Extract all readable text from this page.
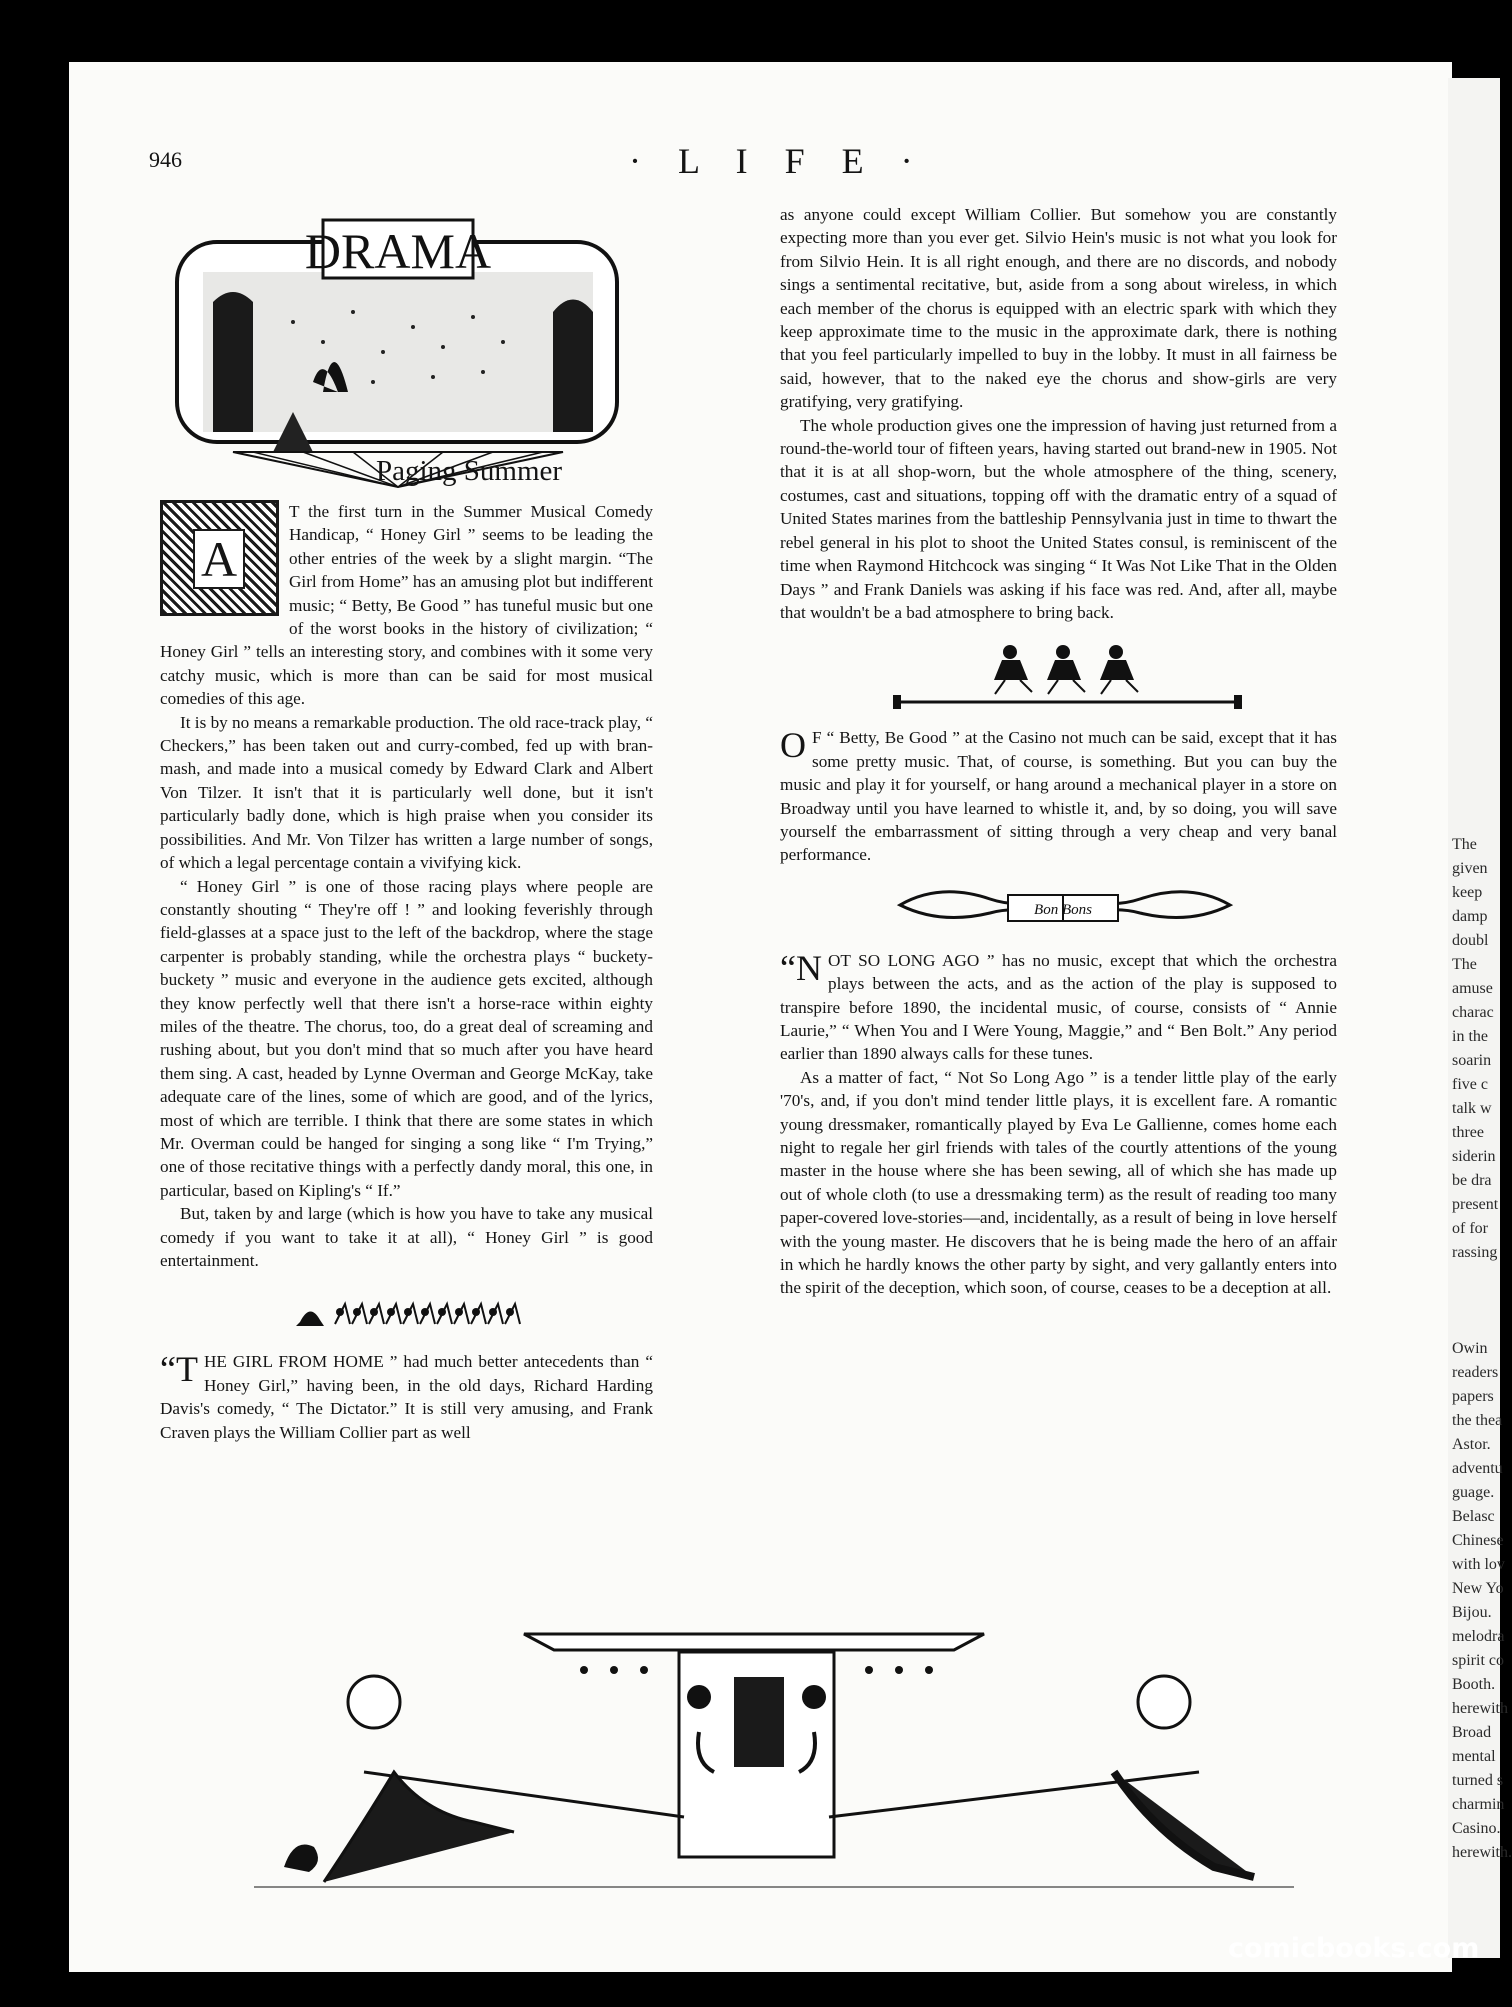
946	· L I F E ·
DRAMA
Paging Summer

A
T the first turn in the Summer Musical Comedy Handicap, “ Honey Girl ” seems to be leading the other entries of the week by a slight margin. “The Girl from Home” has an amusing plot but indifferent music; “ Betty, Be Good ” has tuneful music but one of the worst books in the history of civilization; “ Honey Girl ” tells an interesting story, and combines with it some very catchy music, which is more than can be said for most musical comedies of this age.

It is by no means a remarkable production. The old race-track play, “ Checkers,” has been taken out and curry-combed, fed up with bran-mash, and made into a musical comedy by Edward Clark and Albert Von Tilzer. It isn't that it is particularly well done, but it isn't particularly badly done, which is high praise when you consider its possibilities. And Mr. Von Tilzer has written a large number of songs, of which a legal percentage contain a vivifying kick.

“ Honey Girl ” is one of those racing plays where people are constantly shouting “ They're off ! ” and looking feverishly through field-glasses at a space just to the left of the backdrop, where the stage carpenter is probably standing, while the orchestra plays “ buckety-buckety ” music and everyone in the audience gets excited, although they know perfectly well that there isn't a horse-race within eighty miles of the theatre. The chorus, too, do a great deal of screaming and rushing about, but you don't mind that so much after you have heard them sing. A cast, headed by Lynne Overman and George McKay, take adequate care of the lines, some of which are good, and of the lyrics, most of which are terrible. I think that there are some states in which Mr. Overman could be hanged for singing a song like “ I'm Trying,” one of those recitative things with a perfectly dandy moral, this one, in particular, based on Kipling's “ If.”

But, taken by and large (which is how you have to take any musical comedy if you want to take it at all), “ Honey Girl ” is good entertainment.

“THE GIRL FROM HOME ” had much better antecedents than “ Honey Girl,” having been, in the old days, Richard Harding Davis's comedy, “ The Dictator.” It is still very amusing, and Frank Craven plays the William Collier part as well

as anyone could except William Collier. But somehow you are constantly expecting more than you ever get. Silvio Hein's music is not what you look for from Silvio Hein. It is all right enough, and there are no discords, and nobody sings a sentimental recitative, but, aside from a song about wireless, in which each member of the chorus is equipped with an electric spark with which they keep approximate time to the music in the approximate dark, there is nothing that you feel particularly impelled to buy in the lobby. It must in all fairness be said, however, that to the naked eye the chorus and show-girls are very gratifying, very gratifying.

The whole production gives one the impression of having just returned from a round-the-world tour of fifteen years, having started out brand-new in 1905. Not that it is at all shop-worn, but the whole atmosphere of the thing, scenery, costumes, cast and situations, topping off with the dramatic entry of a squad of United States marines from the battleship Pennsylvania just in time to thwart the rebel general in his plot to shoot the United States consul, is reminiscent of the time when Raymond Hitchcock was singing “ It Was Not Like That in the Olden Days ” and Frank Daniels was asking if his face was red. And, after all, maybe that wouldn't be a bad atmosphere to bring back.

O F “ Betty, Be Good ” at the Casino not much can be said, except that it has some pretty music. That, of course, is something. But you can buy the music and play it for yourself, or hang around a mechanical player in a store on Broadway until you have learned to whistle it, and, by so doing, you will save yourself the embarrassment of sitting through a very cheap and very banal performance.

Bon Bons

“NOT SO LONG AGO ” has no music, except that which the orchestra plays between the acts, and as the action of the play is supposed to transpire before 1890, the incidental music, of course, consists of “ Annie Laurie,” “ When You and I Were Young, Maggie,” and “ Ben Bolt.” Any period earlier than 1890 always calls for these tunes.

As a matter of fact, “ Not So Long Ago ” is a tender little play of the early '70's, and, if you don't mind tender little plays, it is excellent fare. A romantic young dressmaker, romantically played by Eva Le Gallienne, comes home each night to regale her girl friends with tales of the courtly attentions of the young master in the house where she has been sewing, all of which she has made up out of whole cloth (to use a dressmaking term) as the result of reading too many paper-covered love-stories—and, incidentally, as a result of being in love herself with the young master. He discovers that he is being made the hero of an affair in which he hardly knows the other party by sight, and very gallantly enters into the spirit of the deception, which soon, of course, ceases to be a deception at all.

The
given
keep
damp
doubl
The
amuse
charac
in the
soarin
five c
talk w
three
siderin
be dra
present
of for
rassing

Owin
readers
papers
the thea
Astor.
adventu
guage.
Belasc
Chinese
with lov
New Yo
Bijou.
melodra
spirit co
Booth.
herewith
Broad
mental
turned s
charmin
Casino.
herewith.
comicbooks.com
